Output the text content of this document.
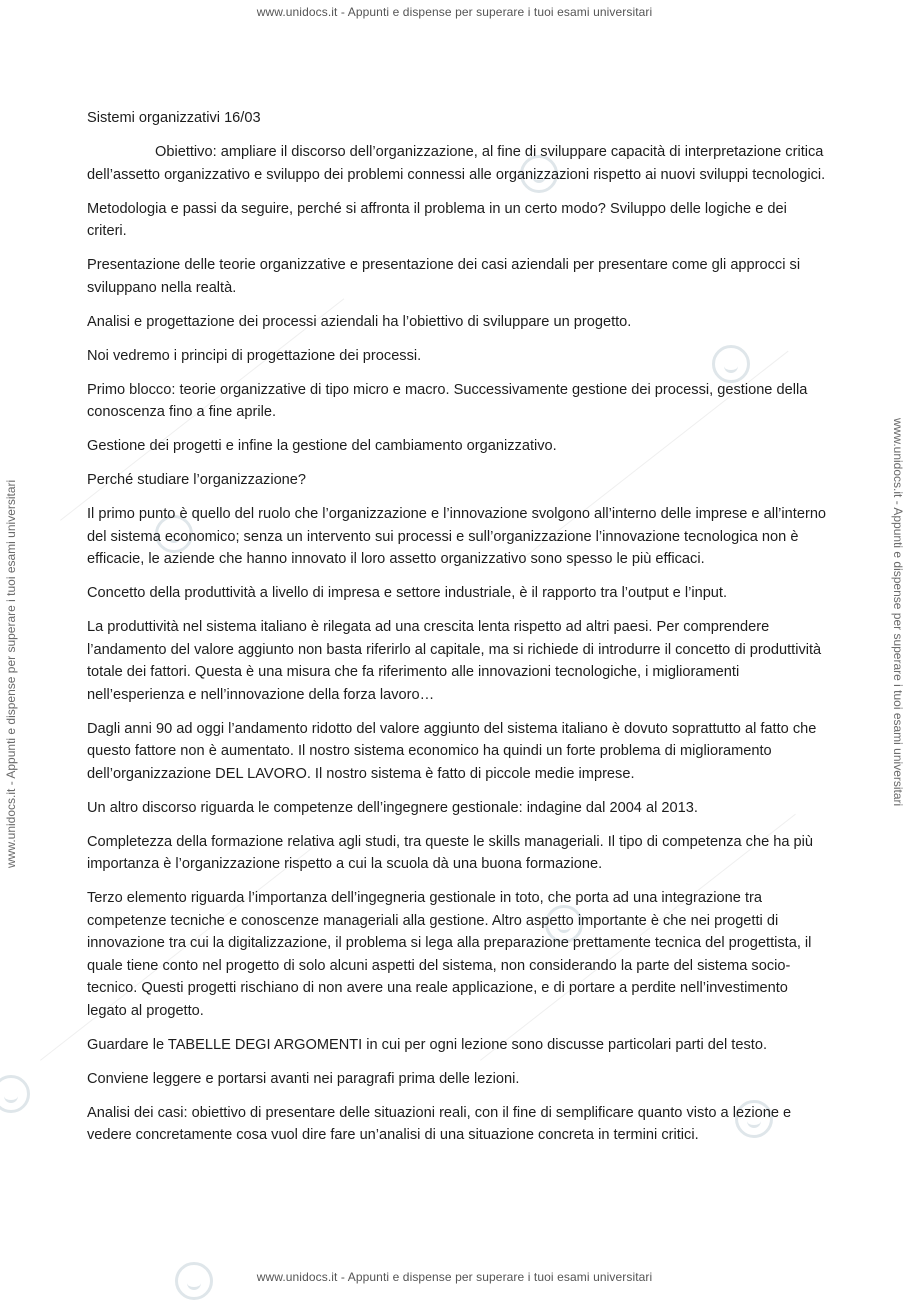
www.unidocs.it - Appunti e dispense per superare i tuoi esami universitari
www.unidocs.it - Appunti e dispense per superare i tuoi esami universitari
www.unidocs.it - Appunti e dispense per superare i tuoi esami universitari	www.unidocs.it - Appunti e dispense per superare i tuoi esami universitari

Sistemi organizzativi 16/03

Obiettivo: ampliare il discorso dell’organizzazione, al fine di sviluppare capacità di interpretazione critica dell’assetto organizzativo e sviluppo dei problemi connessi alle organizzazioni rispetto ai nuovi sviluppi tecnologici.

Metodologia e passi da seguire, perché si affronta il problema in un certo modo? Sviluppo delle logiche e dei criteri.

Presentazione delle teorie organizzative e presentazione dei casi aziendali per presentare come gli approcci si sviluppano nella realtà.

Analisi e progettazione dei processi aziendali ha l’obiettivo di sviluppare un progetto.

Noi vedremo i principi di progettazione dei processi.

Primo blocco: teorie organizzative di tipo micro e macro. Successivamente gestione dei processi, gestione della conoscenza fino a fine aprile.

Gestione dei progetti e infine la gestione del cambiamento organizzativo.

Perché studiare l’organizzazione?

Il primo punto è quello del ruolo che l’organizzazione e l’innovazione svolgono all’interno delle imprese e all’interno del sistema economico; senza un intervento sui processi e sull’organizzazione l’innovazione tecnologica non è efficacie, le aziende che hanno innovato il loro assetto organizzativo sono spesso le più efficaci.

Concetto della produttività a livello di impresa e settore industriale, è il rapporto tra l’output e l’input.

La produttività nel sistema italiano è rilegata ad una crescita lenta rispetto ad altri paesi. Per comprendere l’andamento del valore aggiunto non basta riferirlo al capitale, ma si richiede di introdurre il concetto di produttività totale dei fattori. Questa è una misura che fa riferimento alle innovazioni tecnologiche, i miglioramenti nell’esperienza e nell’innovazione della forza lavoro…

Dagli anni 90 ad oggi l’andamento ridotto del valore aggiunto del sistema italiano è dovuto soprattutto al fatto che questo fattore non è aumentato. Il nostro sistema economico ha quindi un forte problema di miglioramento dell’organizzazione DEL LAVORO. Il nostro sistema è fatto di piccole medie imprese.

Un altro discorso riguarda le competenze dell’ingegnere gestionale: indagine dal 2004 al 2013.

Completezza della formazione relativa agli studi, tra queste le skills manageriali. Il tipo di competenza che ha più importanza è l’organizzazione rispetto a cui la scuola dà una buona formazione.

Terzo elemento riguarda l’importanza dell’ingegneria gestionale in toto, che porta ad una integrazione tra competenze tecniche e conoscenze manageriali alla gestione. Altro aspetto importante è che nei progetti di innovazione tra cui la digitalizzazione, il problema si lega alla preparazione prettamente tecnica del progettista, il quale tiene conto nel progetto di solo alcuni aspetti del sistema, non considerando la parte del sistema socio-tecnico. Questi progetti rischiano di non avere una reale applicazione, e di portare a perdite nell’investimento legato al progetto.

Guardare le TABELLE DEGI ARGOMENTI in cui per ogni lezione sono discusse particolari parti del testo.

Conviene leggere e portarsi avanti nei paragrafi prima delle lezioni.

Analisi dei casi: obiettivo di presentare delle situazioni reali, con il fine di semplificare quanto visto a lezione e vedere concretamente cosa vuol dire fare un’analisi di una situazione concreta in termini critici.
